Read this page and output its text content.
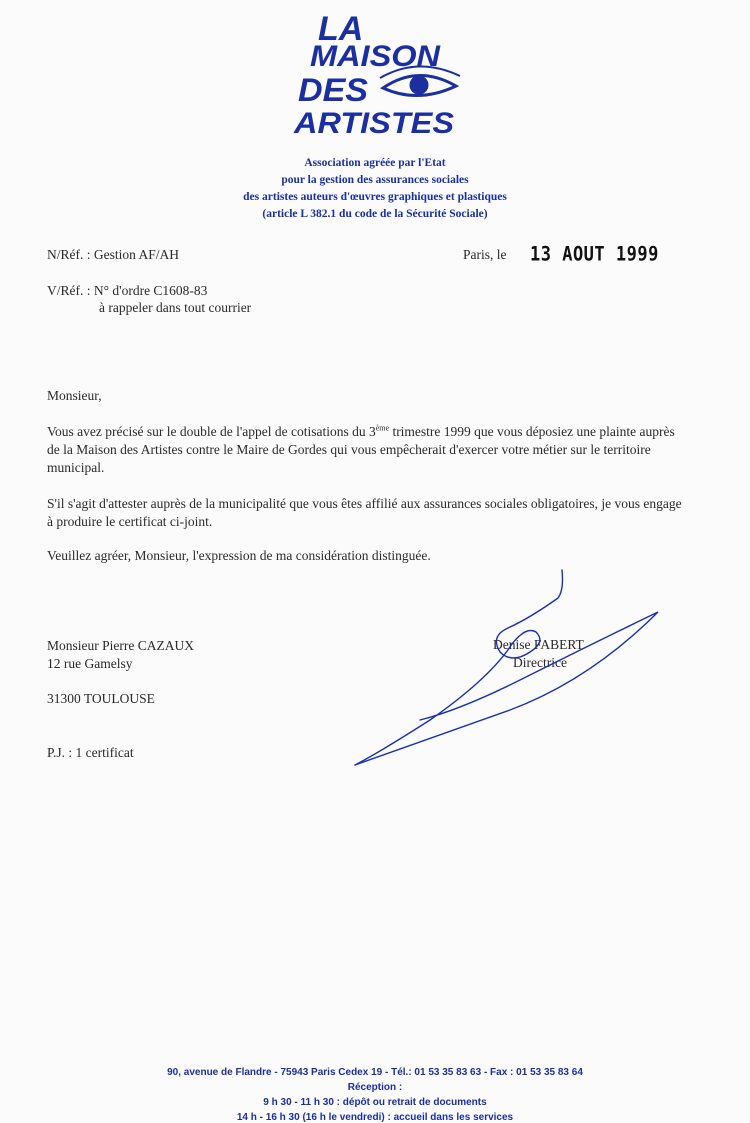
LA
MAISON
DES
ARTISTES
Association agréée par l'Etat
pour la gestion des assurances sociales
des artistes auteurs d'œuvres graphiques et plastiques
(article L 382.1 du code de la Sécurité Sociale)
N/Réf. : Gestion AF/AH	Paris, le 13 AOUT 1999
V/Réf. : N° d'ordre C1608-83
à rappeler dans tout courrier
Monsieur,

Vous avez précisé sur le double de l'appel de cotisations du 3ème trimestre 1999 que vous déposiez une plainte auprès de la Maison des Artistes contre le Maire de Gordes qui vous empêcherait d'exercer votre métier sur le territoire municipal.

S'il s'agit d'attester auprès de la municipalité que vous êtes affilié aux assurances sociales obligatoires, je vous engage à produire le certificat ci-joint.
Veuillez agréer, Monsieur, l'expression de ma considération distinguée.
Monsieur Pierre CAZAUX
12 rue Gamelsy
31300 TOULOUSE
Denise FABERT
Directrice
P.J. : 1 certificat
90, avenue de Flandre - 75943 Paris Cedex 19 - Tél.: 01 53 35 83 63 - Fax : 01 53 35 83 64
Réception :
9 h 30 - 11 h 30 : dépôt ou retrait de documents
14 h - 16 h 30 (16 h le vendredi) : accueil dans les services
